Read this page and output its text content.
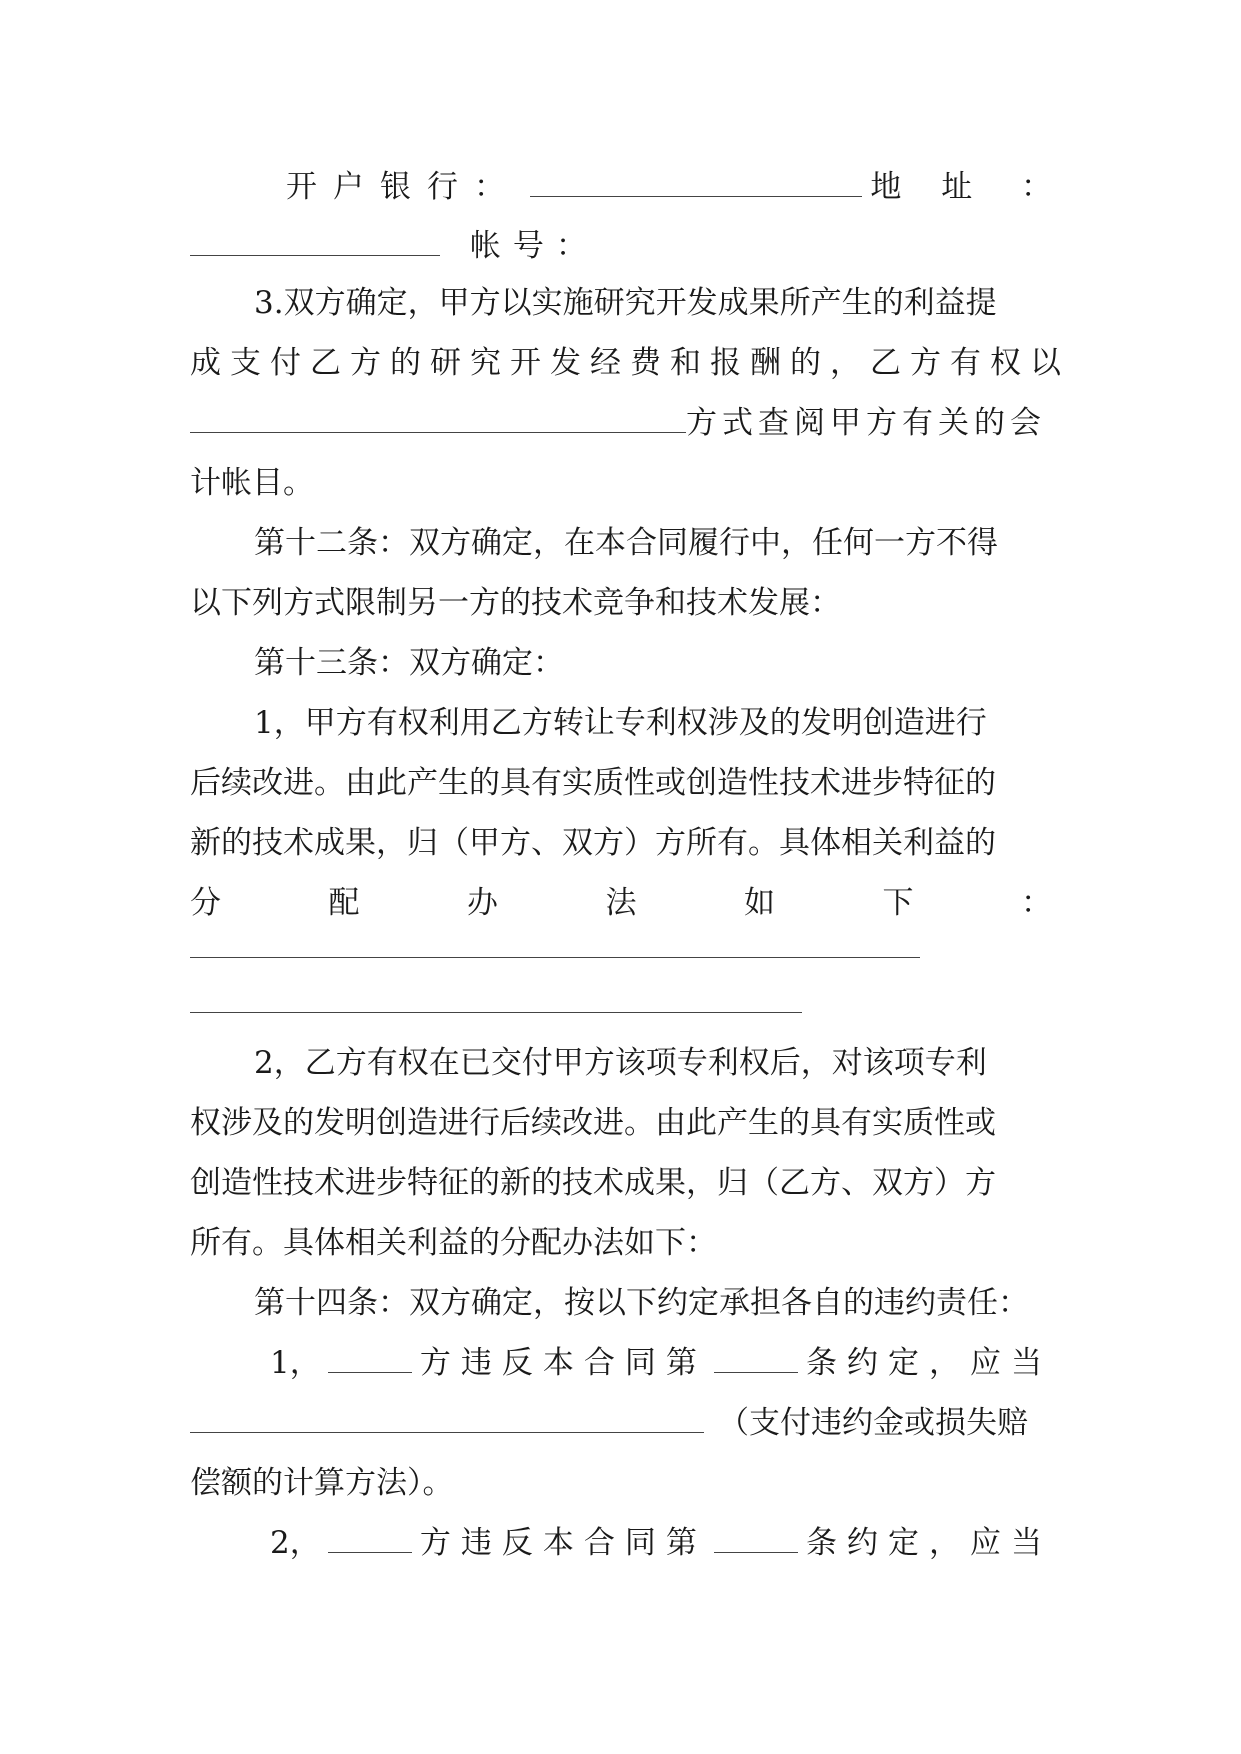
开户银行：	地址 ：
帐号：
3.双方确定，甲方以实施研究开发成果所产生的利益提
成支付乙方的研究开发经费和报酬的，乙方有权以
方式查阅甲方有关的会
计帐目。
第十二条：双方确定，在本合同履行中，任何一方不得
以下列方式限制另一方的技术竞争和技术发展：
第十三条：双方确定：
1，甲方有权利用乙方转让专利权涉及的发明创造进行
后续改进。由此产生的具有实质性或创造性技术进步特征的
新的技术成果，归（甲方、双方）方所有。具体相关利益的
分	配	办	法	如	下	：
2，乙方有权在已交付甲方该项专利权后，对该项专利
权涉及的发明创造进行后续改进。由此产生的具有实质性或
创造性技术进步特征的新的技术成果，归（乙方、双方）方
所有。具体相关利益的分配办法如下：
第十四条：双方确定，按以下约定承担各自的违约责任：
1，	方违反本合同第	条约定，应当
（支付违约金或损失赔
偿额的计算方法）。
2，	方违反本合同第	条约定，应当
